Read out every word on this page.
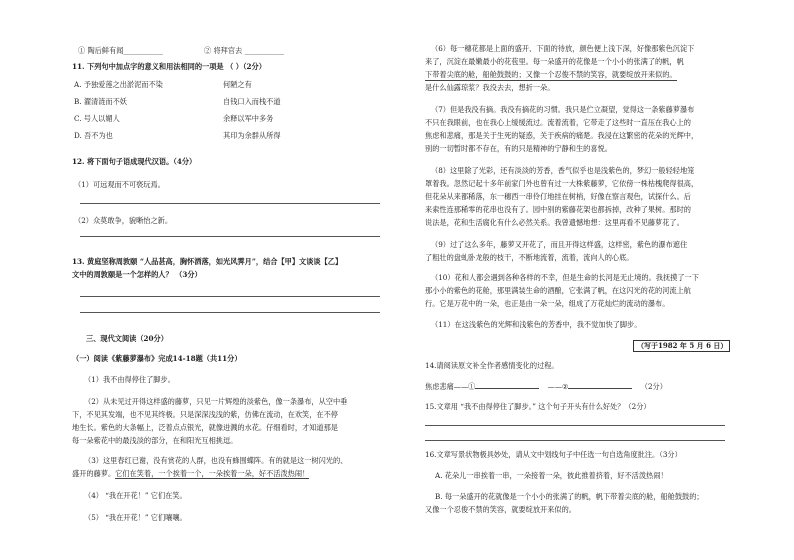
① 陶后鲜有闻___________	② 将拜官去 ___________
11. 下列句中加点字的意义和用法相同的一项是 （ ）（2分）
A. 予独爱莲之出淤泥而不染	何陋之有
B. 濯清涟而不妖	自钱口入而栈不道
C. 号人以媚人	余释以军中多务
D. 吾不为也	其印为余群从所得
12. 将下面句子语成现代汉语。（4分）
（1）可远观而不可亵玩焉。
（2）众莫敢争，貌晰怡之新。
13. 黄庭坚称周敦颐 “人品甚高，胸怀洒落，如光风霁月”，结合【甲】文谈谈【乙】
文中的周敦颐是一个怎样的人？ （3分）
三、现代文阅读（20分）
（一）阅读《紫藤萝瀑布》完成14-18题（共11分）
（1）我不由得停住了脚步。
（2）从未见过开得这样盛的藤萝，只见一片辉煌的淡紫色，像一条瀑布，从空中垂
下，不见其发端，也不见其终极。只是深深浅浅的紫，仿佛在流动，在欢笑，在不停
地生长。紫色的大条幅上，泛着点点银光，就像迸溅的水花。仔细看时，才知道那是
每一朵紫花中的最浅淡的部分，在和阳光互相挑逗。
（3）这里春红已谢，没有赏花的人群，也没有蜂围蝶阵。有的就是这一树闪光的、
盛开的藤萝。它们在笑着，一个挨着一个，一朵挨着一朵，好不活泼热闹！
（4） “我在开花！” 它们在笑。
（5） “我在开花！” 它们嚷嚷。
（6）每一穗花都是上面的盛开、下面的待放，颜色便上浅下深，好像那紫色沉淀下
来了，沉淀在最嫩最小的花苞里。每一朵盛开的花像是一个小小的张满了的帆，帆
下带着尖底的舱，船舱鼓鼓的；又像一个忍俊不禁的笑容，就要绽放开来似的。
是什么仙露琼浆？我没去去，想折一朵。
（7）但是我没有摘。我没有摘花的习惯。我只是伫立凝望，觉得这一条紫藤萝瀑布
不只在我眼前，也在我心上缓缓流过。流着流着，它带走了这些时一直压在我心上的
焦虑和悲痛，那是关于生死的疑惑，关于疾病的痛楚。我浸在这繁密的花朵的光辉中，
别的一切暂时都不存在，有的只是精神的宁静和生的喜悦。
（8）这里除了光彩，还有淡淡的芳香，香气似乎也是浅紫色的，梦幻一般轻轻地笼
罩着我。忽然记起十多年前家门外也曾有过一大株紫藤萝，它依傍一株枯槐爬得很高，
但花朵从来都稀落，东一穗西一串伶仃地挂在树梢，好像在察言观色，试探什么。后
来索性连那稀零的花串也没有了。园中别的紫藤花架也都拆掉，改种了果树。那时的
说法是，花和生活腐化有什么必然关系。我曾遗憾地想：这里再看不见藤萝花了。
（9）过了这么多年，藤萝又开花了，而且开得这样盛，这样密，紫色的瀑布遮住
了粗壮的盘虬卧龙般的枝干，不断地流着，流着，流向人的心底。
（10）花和人都会遇到各种各样的不幸，但是生命的长河是无止境的。我抚摸了一下
那小小的紫色的花舱，那里满装生命的酒酿，它张满了帆，在这闪光的花的河流上航
行。它是万花中的一朵，也正是由一朵一朵，组成了万花灿烂的流动的瀑布。
（11）在这浅紫色的光辉和浅紫色的芳香中，我不觉加快了脚步。
（写于1982 年 5 月 6 日）
14.请阅读原文补全作者感情变化的过程。
焦虑悲痛——①	——②	（2分）
15.文章用 “我不由得停住了脚步。” 这个句子开头有什么好处？（2分）
16.文章写景状物极具妙处，请从文中划线句子中任选一句自选角度批注。（3分）
A. 花朵儿一串挨着一串，一朵接着一朵，彼此推着挤着，好不活泼热闹！
B. 每一朵盛开的花就像是一个小小的张满了的帆，帆下带着尖底的舱，船舱鼓鼓的；
又像一个忍俊不禁的笑容，就要绽放开来似的。
